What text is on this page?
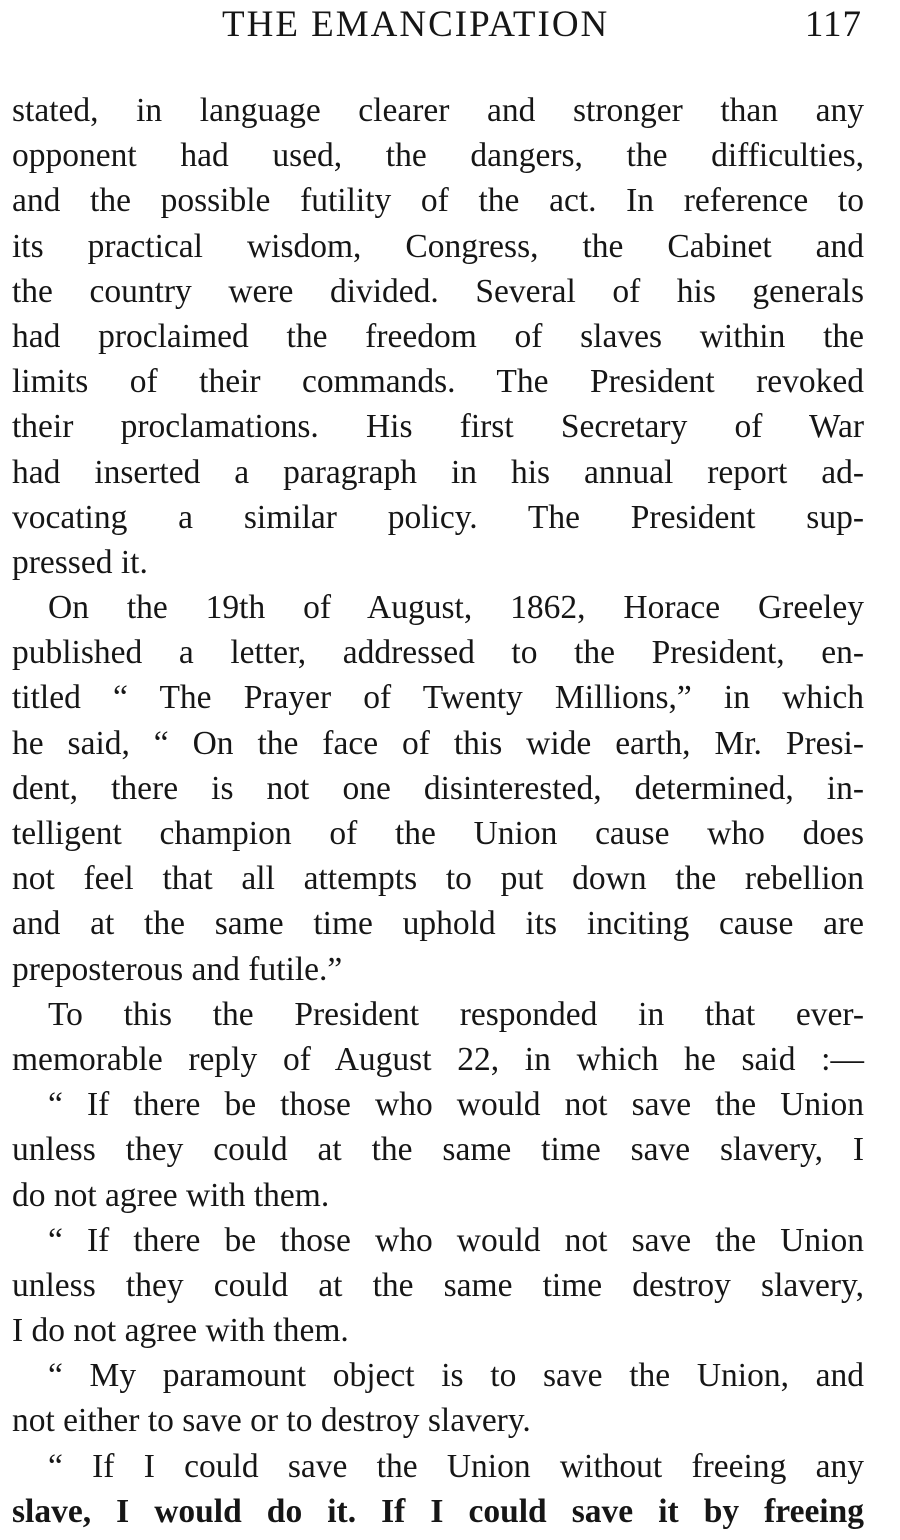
THE EMANCIPATION	117
stated, in language clearer and stronger than any
opponent had used, the dangers, the difficulties,
and the possible futility of the act. In reference to
its practical wisdom, Congress, the Cabinet and
the country were divided. Several of his generals
had proclaimed the freedom of slaves within the
limits of their commands. The President revoked
their proclamations. His first Secretary of War
had inserted a paragraph in his annual report ad-
vocating a similar policy. The President sup-
pressed it.
On the 19th of August, 1862, Horace Greeley
published a letter, addressed to the President, en-
titled “ The Prayer of Twenty Millions,” in which
he said, “ On the face of this wide earth, Mr. Presi-
dent, there is not one disinterested, determined, in-
telligent champion of the Union cause who does
not feel that all attempts to put down the rebellion
and at the same time uphold its inciting cause are
preposterous and futile.”
To this the President responded in that ever-
memorable reply of August 22, in which he said :—
“ If there be those who would not save the Union
unless they could at the same time save slavery, I
do not agree with them.
“ If there be those who would not save the Union
unless they could at the same time destroy slavery,
I do not agree with them.
“ My paramount object is to save the Union, and
not either to save or to destroy slavery.
“ If I could save the Union without freeing any
slave, I would do it. If I could save it by freeing
